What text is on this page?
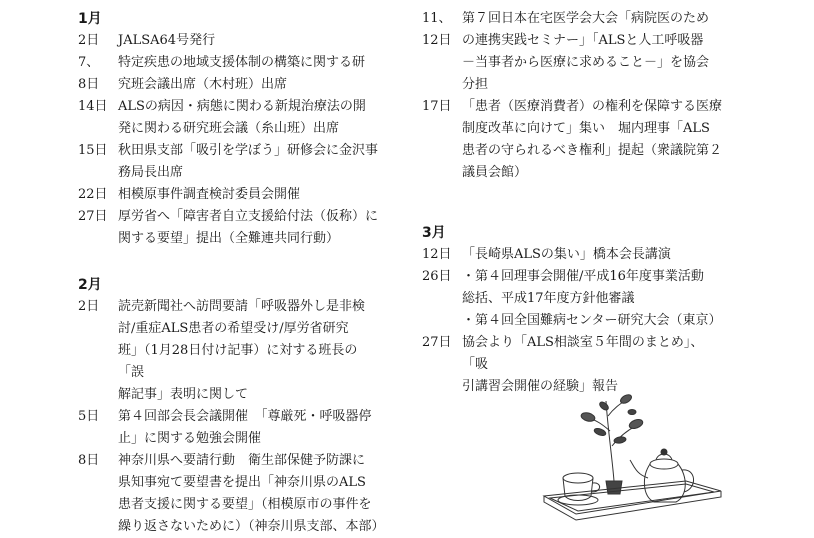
1月
2日	JALSA64号発行
7、	特定疾患の地域支援体制の構築に関する研
8日	究班会議出席（木村班）出席
14日 ALSの病因・病態に関わる新規治療法の開
発に関わる研究班会議（糸山班）出席
15日 秋田県支部「吸引を学ぼう」研修会に金沢事
務局長出席
22日 相模原事件調査検討委員会開催
27日 厚労省へ「障害者自立支援給付法（仮称）に
関する要望」提出（全難連共同行動）
2月
2日	読売新聞社へ訪問要請「呼吸器外し是非検
討/重症ALS患者の希望受け/厚労省研究
班」（1月28日付け記事）に対する班長の「誤
解記事」表明に関して
5日	第４回部会長会議開催　「尊厳死・呼吸器停
止」に関する勉強会開催
8日	神奈川県へ要請行動　衛生部保健予防課に
県知事宛て要望書を提出「神奈川県のALS
患者支援に関する要望」（相模原市の事件を
繰り返さないために）（神奈川県支部、本部）
11、 第７回日本在宅医学会大会「病院医のため
12日 の連携実践セミナー」「ALSと人工呼吸器
－当事者から医療に求めること－」を協会
分担
17日 「患者（医療消費者）の権利を保障する医療
制度改革に向けて」集い　堀内理事「ALS
患者の守られるべき権利」提起（衆議院第２
議員会館）
3月
12日 「長崎県ALSの集い」橋本会長講演
26日 ・第４回理事会開催/平成16年度事業活動
総括、平成17年度方針他審議
・第４回全国難病センター研究大会（東京）
27日 協会より「ALS相談室５年間のまとめ」、「吸
引講習会開催の経験」報告
